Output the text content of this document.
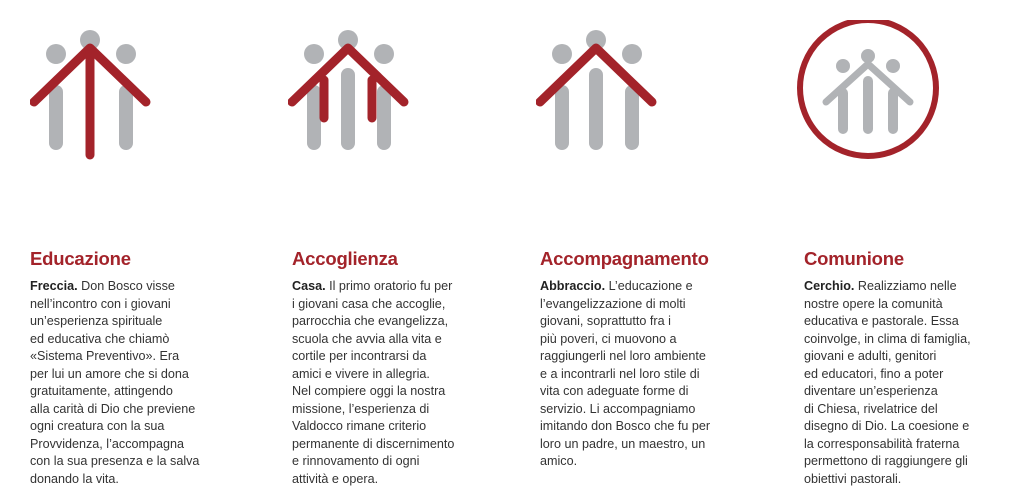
Educazione
Freccia. Don Bosco visse
nell’incontro con i giovani
un’esperienza spirituale
ed educativa che chiamò
«Sistema Preventivo». Era
per lui un amore che si dona
gratuitamente, attingendo
alla carità di Dio che previene
ogni creatura con la sua
Provvidenza, l’accompagna
con la sua presenza e la salva
donando la vita.
Accoglienza
Casa. Il primo oratorio fu per
i giovani casa che accoglie,
parrocchia che evangelizza,
scuola che avvia alla vita e
cortile per incontrarsi da
amici e vivere in allegria.
Nel compiere oggi la nostra
missione, l’esperienza di
Valdocco rimane criterio
permanente di discernimento
e rinnovamento di ogni
attività e opera.
Accompagnamento
Abbraccio. L’educazione e
l’evangelizzazione di molti
giovani, soprattutto fra i
più poveri, ci muovono a
raggiungerli nel loro ambiente
e a incontrarli nel loro stile di
vita con adeguate forme di
servizio. Li accompagniamo
imitando don Bosco che fu per
loro un padre, un maestro, un
amico.
Comunione
Cerchio. Realizziamo nelle
nostre opere la comunità
educativa e pastorale. Essa
coinvolge, in clima di famiglia,
giovani e adulti, genitori
ed educatori, fino a poter
diventare un’esperienza
di Chiesa, rivelatrice del
disegno di Dio. La coesione e
la corresponsabilità fraterna
permettono di raggiungere gli
obiettivi pastorali.
